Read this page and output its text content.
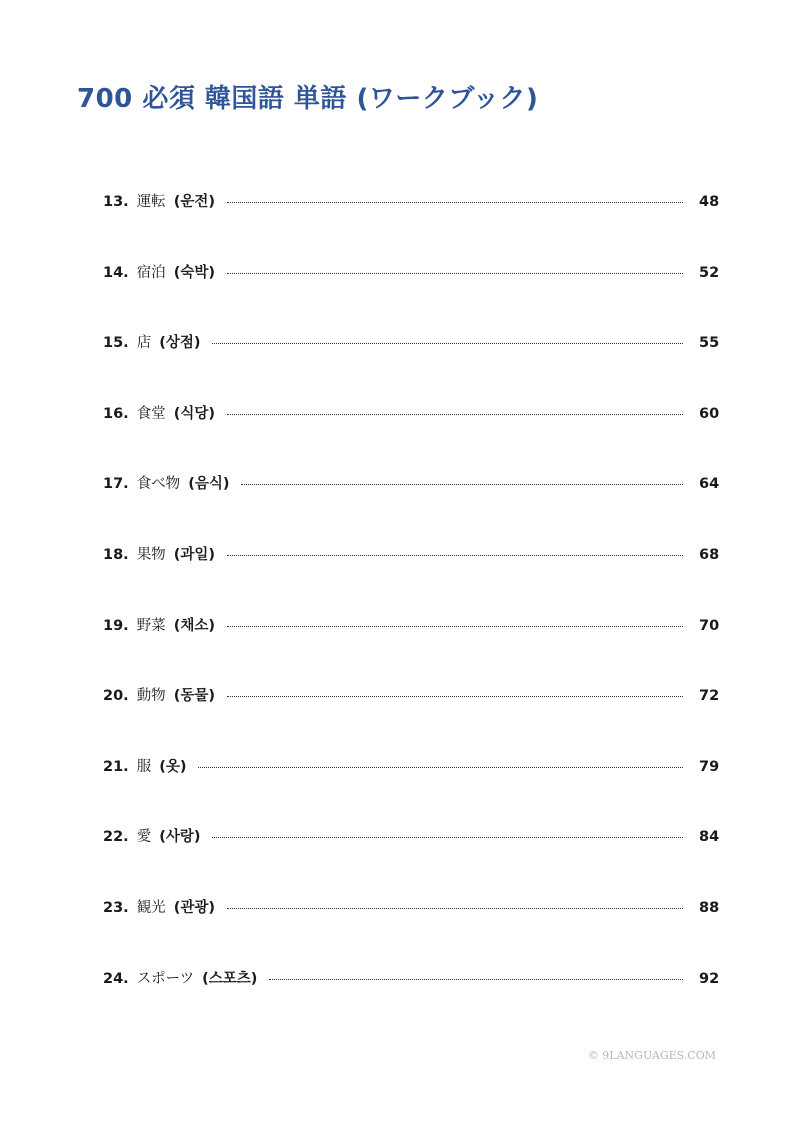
700 必須 韓国語 単語 (ワークブック)
13. 運転 (운전)	48
14. 宿泊 (숙박)	52
15. 店 (상점)	55
16. 食堂 (식당)	60
17. 食べ物 (음식)	64
18. 果物 (과일)	68
19. 野菜 (채소)	70
20. 動物 (동물)	72
21. 服 (옷)	79
22. 愛 (사랑)	84
23. 観光 (관광)	88
24. スポーツ (스포츠)	92
© 9LANGUAGES.COM
